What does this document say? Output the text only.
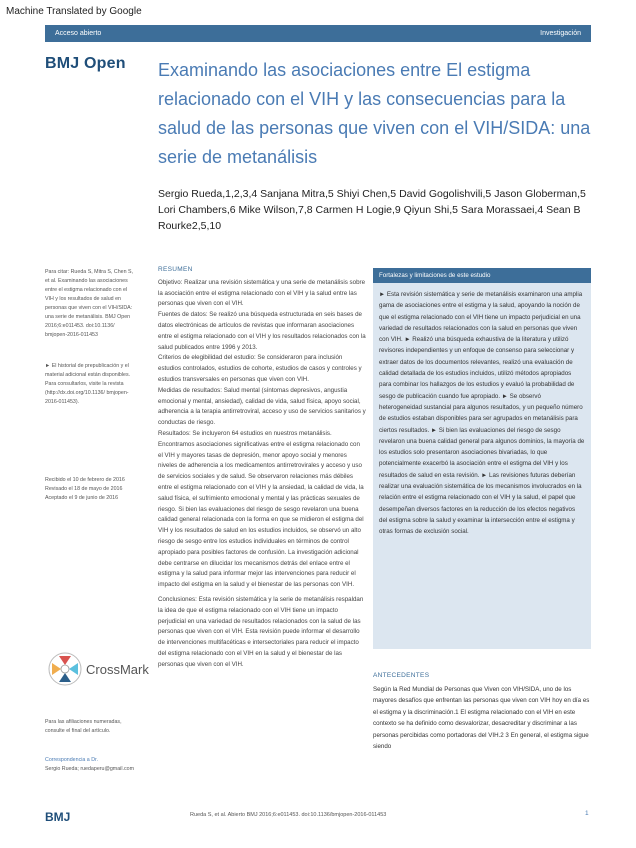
Machine Translated by Google
Acceso abierto	Investigación
BMJ Open Examinando las asociaciones entre El estigma relacionado con el VIH y las consecuencias para la salud de las personas que viven con el VIH/SIDA: una serie de metanálisis
Sergio Rueda,1,2,3,4 Sanjana Mitra,5 Shiyi Chen,5 David Gogolishvili,5 Jason Globerman,5 Lori Chambers,6 Mike Wilson,7,8 Carmen H Logie,9 Qiyun Shi,5 Sara Morassaei,4 Sean B Rourke2,5,10
Para citar: Rueda S, Mitra S, Chen S, et al. Examinando las asociaciones entre el estigma relacionado con el VIH y los resultados de salud en personas que viven con el VIH/SIDA: una serie de metanálisis. BMJ Open 2016;6:e011453. doi:10.1136/ bmjopen-2016-011453
► El historial de prepublicación y el material adicional están disponibles. Para consultarlos, visite la revista (http://dx.doi.org/10.1136/ bmjopen-2016-011453).
Recibido el 10 de febrero de 2016 Revisado el 18 de mayo de 2016 Aceptado el 9 de junio de 2016
CrossMark
Para las afiliaciones numeradas, consulte el final del artículo.
Correspondencia a Dr.
Sergio Rueda; ruedaperu@gmail.com
RESUMEN

Objetivo: Realizar una revisión sistemática y una serie de metanálisis sobre la asociación entre el estigma relacionado con el VIH y la salud entre las personas que viven con el VIH.

Fuentes de datos: Se realizó una búsqueda estructurada en seis bases de datos electrónicas de artículos de revistas que informaran asociaciones entre el estigma relacionado con el VIH y los resultados relacionados con la salud publicados entre 1996 y 2013.

Criterios de elegibilidad del estudio: Se consideraron para inclusión estudios controlados, estudios de cohorte, estudios de casos y controles y estudios transversales en personas que viven con VIH.

Medidas de resultados: Salud mental (síntomas depresivos, angustia emocional y mental, ansiedad), calidad de vida, salud física, apoyo social, adherencia a la terapia antirretroviral, acceso y uso de servicios sanitarios y conductas de riesgo.

Resultados: Se incluyeron 64 estudios en nuestros metanálisis. Encontramos asociaciones significativas entre el estigma relacionado con el VIH y mayores tasas de depresión, menor apoyo social y menores niveles de adherencia a los medicamentos antirretrovirales y acceso y uso de servicios sociales y de salud. Se observaron relaciones más débiles entre el estigma relacionado con el VIH y la ansiedad, la calidad de vida, la salud física, el sufrimiento emocional y mental y las prácticas sexuales de riesgo. Si bien las evaluaciones del riesgo de sesgo revelaron una buena calidad general relacionada con la forma en que se midieron el estigma del VIH y los resultados de salud en los estudios incluidos, se observó un alto riesgo de sesgo entre los estudios individuales en términos de control apropiado para posibles factores de confusión. La investigación adicional debe centrarse en dilucidar los mecanismos detrás del enlace entre el estigma y la salud para informar mejor las intervenciones para reducir el impacto del estigma en la salud y el bienestar de las personas con VIH.

Conclusiones: Esta revisión sistemática y la serie de metanálisis respaldan la idea de que el estigma relacionado con el VIH tiene un impacto perjudicial en una variedad de resultados relacionados con la salud de las personas que viven con el VIH. Esta revisión puede informar el desarrollo de intervenciones multifacéticas e intersectoriales para reducir el impacto del estigma relacionado con el VIH en la salud y el bienestar de las personas que viven con el VIH.

Fortalezas y limitaciones de este estudio
► Esta revisión sistemática y serie de metanálisis examinaron una amplia gama de asociaciones entre el estigma y la salud, apoyando la noción de que el estigma relacionado con el VIH tiene un impacto perjudicial en una variedad de resultados relacionados con la salud en personas que viven con VIH. ► Realizó una búsqueda exhaustiva de la literatura y utilizó revisores independientes y un enfoque de consenso para seleccionar y extraer datos de los documentos relevantes, realizó una evaluación de calidad detallada de los estudios incluidos, utilizó métodos apropiados para combinar los hallazgos de los estudios y evaluó la probabilidad de sesgo de publicación cuando fue apropiado. ► Se observó heterogeneidad sustancial para algunos resultados, y un pequeño número de estudios estaban disponibles para ser agrupados en metanálisis para ciertos resultados. ► Si bien las evaluaciones del riesgo de sesgo revelaron una buena calidad general para algunos dominios, la mayoría de los estudios solo presentaron asociaciones bivariadas, lo que potencialmente exacerbó la asociación entre el estigma del VIH y los resultados de salud en esta revisión. ► Las revisiones futuras deberían realizar una evaluación sistemática de los mecanismos involucrados en la relación entre el estigma relacionado con el VIH y la salud, el papel que desempeñan diversos factores en la reducción de los efectos negativos del estigma sobre la salud y examinar la intersección entre el estigma y otras formas de exclusión social.
ANTECEDENTES

Según la Red Mundial de Personas que Viven con VIH/SIDA, uno de los mayores desafíos que enfrentan las personas que viven con VIH hoy en día es el estigma y la discriminación.1 El estigma relacionado con el VIH en este contexto se ha definido como desvalorizar, desacreditar y discriminar a las personas percibidas como portadoras del VIH.2 3 En general, el estigma sigue siendo

BMJ	Rueda S, et al. Abierto BMJ 2016;6:e011453. doi:10.1136/bmjopen-2016-011453	1
